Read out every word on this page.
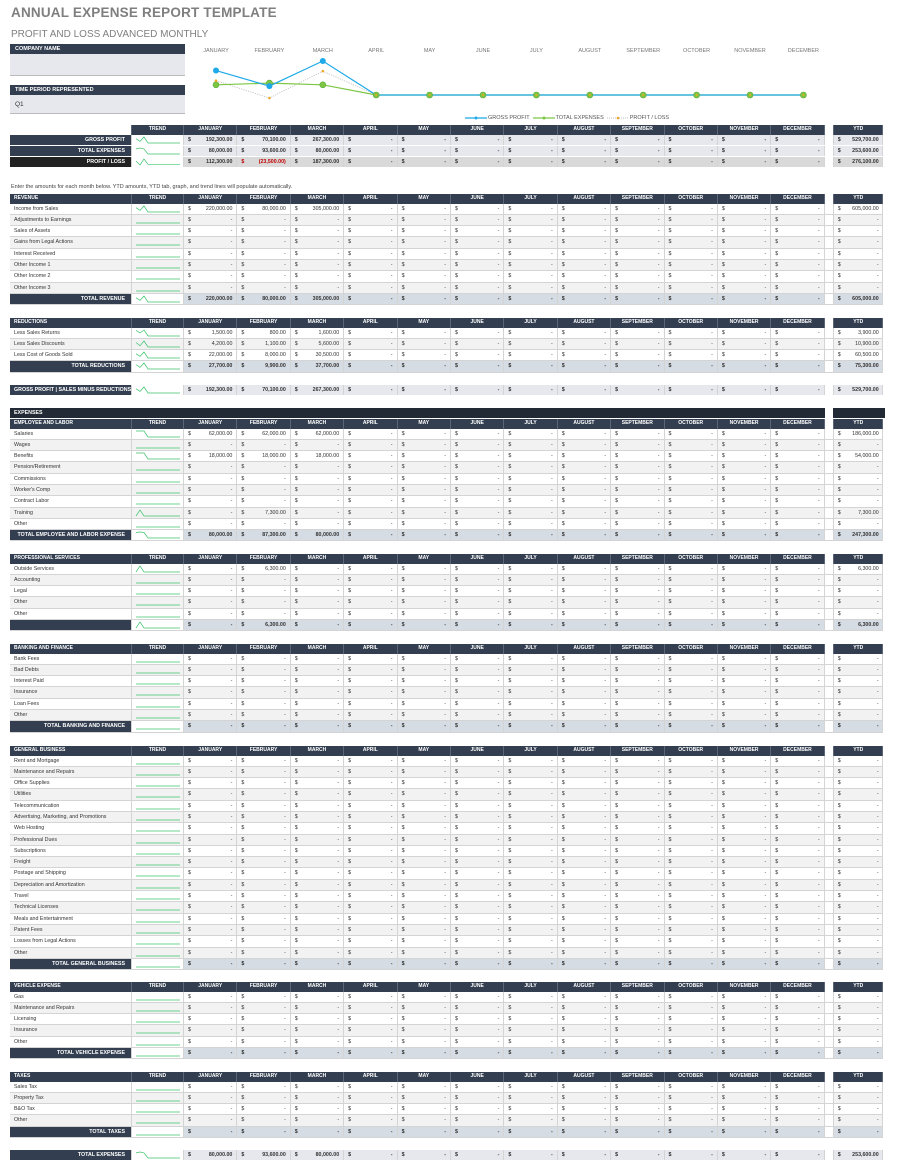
ANNUAL EXPENSE REPORT TEMPLATE
PROFIT AND LOSS ADVANCED MONTHLY
COMPANY NAME
TIME PERIOD REPRESENTED
Q1
JANUARY	FEBRUARY	MARCH	APRIL	MAY	JUNE	JULY	AUGUST	SEPTEMBER	OCTOBER	NOVEMBER	DECEMBER
GROSS PROFIT	TOTAL EXPENSES	PROFIT / LOSS
TREND	JANUARY	FEBRUARY	MARCH	APRIL	MAY	JUNE	JULY	AUGUST	SEPTEMBER	OCTOBER	NOVEMBER	DECEMBER	YTD
GROSS PROFIT	$	192,300.00 $	70,100.00 $	267,300.00 $	- $	- $	- $	- $	- $	- $	- $	- $	-	$ 529,700.00
TOTAL EXPENSES	$	80,000.00 $	93,600.00 $	80,000.00 $	- $	- $	- $	- $	- $	- $	- $	- $	-	$ 253,600.00
PROFIT / LOSS	$	112,300.00 $	(23,500.00) $	187,300.00 $	- $	- $	- $	- $	- $	- $	- $	- $	-	$ 276,100.00
Enter the amounts for each month below. YTD amounts, YTD tab, graph, and trend lines will populate automatically.
REVENUE	TREND	JANUARY	FEBRUARY	MARCH	APRIL	MAY	JUNE	JULY	AUGUST	SEPTEMBER	OCTOBER	NOVEMBER	DECEMBER	YTD
Income from Sales	$	220,000.00 $	80,000.00 $	305,000.00 $	- $	- $	- $	- $	- $	- $	- $	- $	-	$ 605,000.00
Adjustments to Earnings	$	- $	- $	- $	- $	- $	- $	- $	- $	- $	- $	- $	-	$	-
Sales of Assets	$	- $	- $	- $	- $	- $	- $	- $	- $	- $	- $	- $	-	$	-
Gains from Legal Actions	$	- $	- $	- $	- $	- $	- $	- $	- $	- $	- $	- $	-	$	-
Interest Received	$	- $	- $	- $	- $	- $	- $	- $	- $	- $	- $	- $	-	$	-
Other Income 1	$	- $	- $	- $	- $	- $	- $	- $	- $	- $	- $	- $	-	$	-
Other Income 2	$	- $	- $	- $	- $	- $	- $	- $	- $	- $	- $	- $	-	$	-
Other Income 3	$	- $	- $	- $	- $	- $	- $	- $	- $	- $	- $	- $	-	$	-
TOTAL REVENUE	$	220,000.00 $	80,000.00 $	305,000.00 $	- $	- $	- $	- $	- $	- $	- $	- $	-	$ 605,000.00
REDUCTIONS	TREND	JANUARY	FEBRUARY	MARCH	APRIL	MAY	JUNE	JULY	AUGUST	SEPTEMBER	OCTOBER	NOVEMBER	DECEMBER	YTD
Less Sales Returns	$	1,500.00 $	800.00 $	1,600.00 $	- $	- $	- $	- $	- $	- $	- $	- $	-	$	3,900.00
Less Sales Discounts	$	4,200.00 $	1,100.00 $	5,600.00 $	- $	- $	- $	- $	- $	- $	- $	- $	-	$	10,900.00
Less Cost of Goods Sold	$	22,000.00 $	8,000.00 $	30,500.00 $	- $	- $	- $	- $	- $	- $	- $	- $	-	$	60,500.00
TOTAL REDUCTIONS	$	27,700.00 $	9,900.00 $	37,700.00 $	- $	- $	- $	- $	- $	- $	- $	- $	-	$	75,300.00
GROSS PROFIT | SALES MINUS REDUCTIONS	$	192,300.00 $	70,100.00 $	267,300.00 $	- $	- $	- $	- $	- $	- $	- $	- $	-	$ 529,700.00
EXPENSES
EMPLOYEE AND LABOR	TREND	JANUARY	FEBRUARY	MARCH	APRIL	MAY	JUNE	JULY	AUGUST	SEPTEMBER	OCTOBER	NOVEMBER	DECEMBER	YTD
Salaries	$	62,000.00 $	62,000.00 $	62,000.00 $	- $	- $	- $	- $	- $	- $	- $	- $	-	$ 186,000.00
Wages	$	- $	- $	- $	- $	- $	- $	- $	- $	- $	- $	- $	-	$	-
Benefits	$	18,000.00 $	18,000.00 $	18,000.00 $	- $	- $	- $	- $	- $	- $	- $	- $	-	$	54,000.00
Pension/Retirement	$	- $	- $	- $	- $	- $	- $	- $	- $	- $	- $	- $	-	$	-
Commissions	$	- $	- $	- $	- $	- $	- $	- $	- $	- $	- $	- $	-	$	-
Worker's Comp	$	- $	- $	- $	- $	- $	- $	- $	- $	- $	- $	- $	-	$	-
Contract Labor	$	- $	- $	- $	- $	- $	- $	- $	- $	- $	- $	- $	-	$	-
Training	$	- $	7,300.00 $	- $	- $	- $	- $	- $	- $	- $	- $	- $	-	$	7,300.00
Other	$	- $	- $	- $	- $	- $	- $	- $	- $	- $	- $	- $	-	$	-
TOTAL EMPLOYEE AND LABOR EXPENSE	$	80,000.00 $	87,300.00 $	80,000.00 $	- $	- $	- $	- $	- $	- $	- $	- $	-	$ 247,300.00
PROFESSIONAL SERVICES	TREND	JANUARY	FEBRUARY	MARCH	APRIL	MAY	JUNE	JULY	AUGUST	SEPTEMBER	OCTOBER	NOVEMBER	DECEMBER	YTD
Outside Services	$	- $	6,300.00 $	- $	- $	- $	- $	- $	- $	- $	- $	- $	-	$	6,300.00
Accounting	$	- $	- $	- $	- $	- $	- $	- $	- $	- $	- $	- $	-	$	-
Legal	$	- $	- $	- $	- $	- $	- $	- $	- $	- $	- $	- $	-	$	-
Other	$	- $	- $	- $	- $	- $	- $	- $	- $	- $	- $	- $	-	$	-
Other	$	- $	- $	- $	- $	- $	- $	- $	- $	- $	- $	- $	-	$	-
$	- $	6,300.00 $	- $	- $	- $	- $	- $	- $	- $	- $	- $	-	$	6,300.00
BANKING AND FINANCE	TREND	JANUARY	FEBRUARY	MARCH	APRIL	MAY	JUNE	JULY	AUGUST	SEPTEMBER	OCTOBER	NOVEMBER	DECEMBER	YTD
Bank Fees	$	- $	- $	- $	- $	- $	- $	- $	- $	- $	- $	- $	-	$	-
Bad Debts	$	- $	- $	- $	- $	- $	- $	- $	- $	- $	- $	- $	-	$	-
Interest Paid	$	- $	- $	- $	- $	- $	- $	- $	- $	- $	- $	- $	-	$	-
Insurance	$	- $	- $	- $	- $	- $	- $	- $	- $	- $	- $	- $	-	$	-
Loan Fees	$	- $	- $	- $	- $	- $	- $	- $	- $	- $	- $	- $	-	$	-
Other	$	- $	- $	- $	- $	- $	- $	- $	- $	- $	- $	- $	-	$	-
TOTAL BANKING AND FINANCE	$	- $	- $	- $	- $	- $	- $	- $	- $	- $	- $	- $	-	$	-
GENERAL BUSINESS	TREND	JANUARY	FEBRUARY	MARCH	APRIL	MAY	JUNE	JULY	AUGUST	SEPTEMBER	OCTOBER	NOVEMBER	DECEMBER	YTD
Rent and Mortgage	$	- $	- $	- $	- $	- $	- $	- $	- $	- $	- $	- $	-	$	-
Maintenance and Repairs	$	- $	- $	- $	- $	- $	- $	- $	- $	- $	- $	- $	-	$	-
Office Supplies	$	- $	- $	- $	- $	- $	- $	- $	- $	- $	- $	- $	-	$	-
Utilities	$	- $	- $	- $	- $	- $	- $	- $	- $	- $	- $	- $	-	$	-
Telecommunication	$	- $	- $	- $	- $	- $	- $	- $	- $	- $	- $	- $	-	$	-
Advertising, Marketing, and Promotions	$	- $	- $	- $	- $	- $	- $	- $	- $	- $	- $	- $	-	$	-
Web Hosting	$	- $	- $	- $	- $	- $	- $	- $	- $	- $	- $	- $	-	$	-
Professional Dues	$	- $	- $	- $	- $	- $	- $	- $	- $	- $	- $	- $	-	$	-
Subscriptions	$	- $	- $	- $	- $	- $	- $	- $	- $	- $	- $	- $	-	$	-
Freight	$	- $	- $	- $	- $	- $	- $	- $	- $	- $	- $	- $	-	$	-
Postage and Shipping	$	- $	- $	- $	- $	- $	- $	- $	- $	- $	- $	- $	-	$	-
Depreciation and Amortization	$	- $	- $	- $	- $	- $	- $	- $	- $	- $	- $	- $	-	$	-
Travel	$	- $	- $	- $	- $	- $	- $	- $	- $	- $	- $	- $	-	$	-
Technical Licenses	$	- $	- $	- $	- $	- $	- $	- $	- $	- $	- $	- $	-	$	-
Meals and Entertainment	$	- $	- $	- $	- $	- $	- $	- $	- $	- $	- $	- $	-	$	-
Patent Fees	$	- $	- $	- $	- $	- $	- $	- $	- $	- $	- $	- $	-	$	-
Losses from Legal Actions	$	- $	- $	- $	- $	- $	- $	- $	- $	- $	- $	- $	-	$	-
Other	$	- $	- $	- $	- $	- $	- $	- $	- $	- $	- $	- $	-	$	-
TOTAL GENERAL BUSINESS	$	- $	- $	- $	- $	- $	- $	- $	- $	- $	- $	- $	-	$	-
VEHICLE EXPENSE	TREND	JANUARY	FEBRUARY	MARCH	APRIL	MAY	JUNE	JULY	AUGUST	SEPTEMBER	OCTOBER	NOVEMBER	DECEMBER	YTD
Gas	$	- $	- $	- $	- $	- $	- $	- $	- $	- $	- $	- $	-	$	-
Maintenance and Repairs	$	- $	- $	- $	- $	- $	- $	- $	- $	- $	- $	- $	-	$	-
Licensing	$	- $	- $	- $	- $	- $	- $	- $	- $	- $	- $	- $	-	$	-
Insurance	$	- $	- $	- $	- $	- $	- $	- $	- $	- $	- $	- $	-	$	-
Other	$	- $	- $	- $	- $	- $	- $	- $	- $	- $	- $	- $	-	$	-
TOTAL VEHICLE EXPENSE	$	- $	- $	- $	- $	- $	- $	- $	- $	- $	- $	- $	-	$	-
TAXES	TREND	JANUARY	FEBRUARY	MARCH	APRIL	MAY	JUNE	JULY	AUGUST	SEPTEMBER	OCTOBER	NOVEMBER	DECEMBER	YTD
Sales Tax	$	- $	- $	- $	- $	- $	- $	- $	- $	- $	- $	- $	-	$	-
Property Tax	$	- $	- $	- $	- $	- $	- $	- $	- $	- $	- $	- $	-	$	-
B&O Tax	$	- $	- $	- $	- $	- $	- $	- $	- $	- $	- $	- $	-	$	-
Other	$	- $	- $	- $	- $	- $	- $	- $	- $	- $	- $	- $	-	$	-
TOTAL TAXES	$	- $	- $	- $	- $	- $	- $	- $	- $	- $	- $	- $	-	$	-
TOTAL EXPENSES	$	80,000.00 $	93,600.00 $	80,000.00 $	- $	- $	- $	- $	- $	- $	- $	- $	-	$ 253,600.00
